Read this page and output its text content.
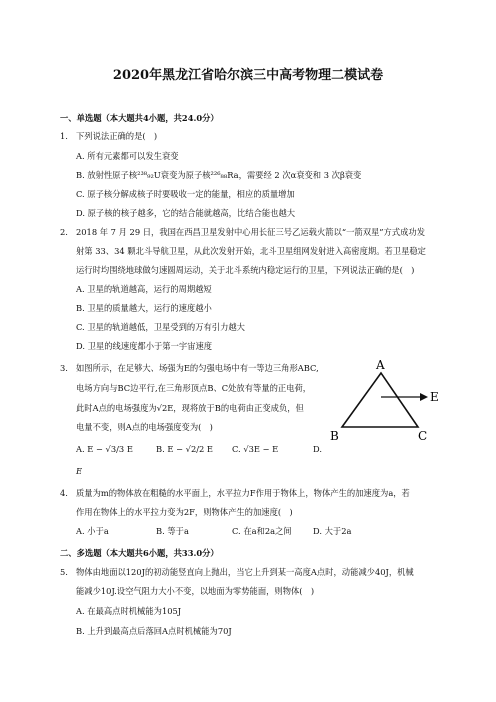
2020年黑龙江省哈尔滨三中高考物理二模试卷
一、单选题（本大题共4小题，共24.0分）
1. 下列说法正确的是(　)
A. 所有元素都可以发生衰变
B. 放射性原子核²³⁸₉₂U衰变为原子核²²⁶₈₈Ra，需要经 2 次α衰变和 3 次β衰变
C. 原子核分解成核子时要吸收一定的能量，相应的质量增加
D. 原子核的核子越多，它的结合能就越高，比结合能也越大
2. 2018 年 7 月 29 日，我国在西昌卫星发射中心用长征三号乙运载火箭以“一箭双星”方式成功发
射第 33、34 颗北斗导航卫星，从此次发射开始，北斗卫星组网发射进入高密度期。若卫星稳定
运行时均围绕地球做匀速圆周运动，关于北斗系统内稳定运行的卫星，下列说法正确的是(　)
A. 卫星的轨道越高，运行的周期越短
B. 卫星的质量越大，运行的速度越小
C. 卫星的轨道越低，卫星受到的万有引力越大
D. 卫星的线速度都小于第一宇宙速度
3. 如图所示，在足够大、场强为E的匀强电场中有一等边三角形ABC,
电场方向与BC边平行,在三角形顶点B、C处放有等量的正电荷，
此时A点的电场强度为√2E，现将放于B的电荷由正变成负，但
电量不变，则A点的电场强度变为(　)
A. E − √3/3 E	B. E − √2/2 E C. √3E − E	D.
E
A
B	C
E
4. 质量为m的物体放在粗糙的水平面上，水平拉力F作用于物体上，物体产生的加速度为a，若
作用在物体上的水平拉力变为2F，则物体产生的加速度(　)
A. 小于a	B. 等于a	C. 在a和2a之间	D. 大于2a
二、多选题（本大题共6小题，共33.0分）
5. 物体由地面以120J的初动能竖直向上抛出，当它上升到某一高度A点时，动能减少40J，机械
能减少10J.设空气阻力大小不变，以地面为零势能面，则物体(　)
A. 在最高点时机械能为105J
B. 上升到最高点后落回A点时机械能为70J
